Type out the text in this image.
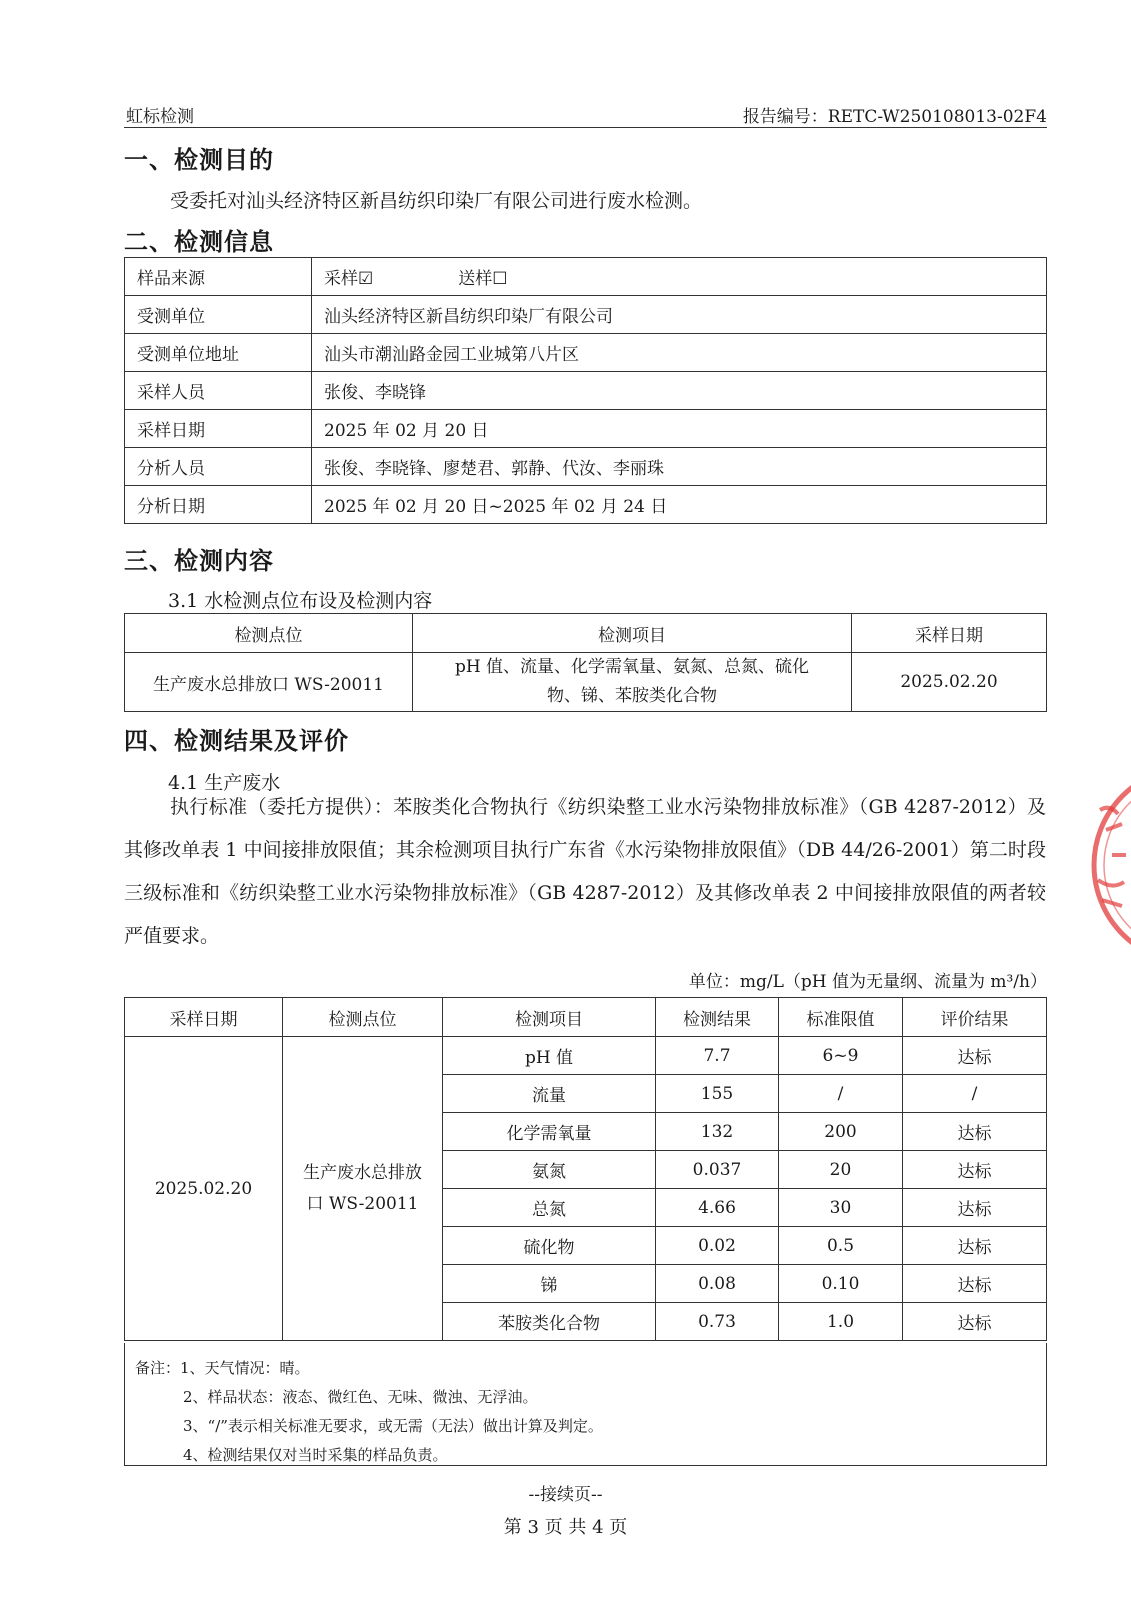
虹标检测	报告编号：RETC-W250108013-02F4
一、检测目的
受委托对汕头经济特区新昌纺织印染厂有限公司进行废水检测。
二、检测信息
样品来源	采样☑　　　　　送样☐
受测单位	汕头经济特区新昌纺织印染厂有限公司
受测单位地址	汕头市潮汕路金园工业城第八片区
采样人员	张俊、李晓锋
采样日期	2025 年 02 月 20 日
分析人员	张俊、李晓锋、廖楚君、郭静、代汝、李丽珠
分析日期	2025 年 02 月 20 日~2025 年 02 月 24 日
三、检测内容
3.1 水检测点位布设及检测内容
检测点位	检测项目	采样日期
生产废水总排放口 WS-20011	pH 值、流量、化学需氧量、氨氮、总氮、硫化
物、锑、苯胺类化合物	2025.02.20
四、检测结果及评价
4.1 生产废水
执行标准（委托方提供）：苯胺类化合物执行《纺织染整工业水污染物排放标准》（GB 4287-2012）及其修改单表 1 中间接排放限值；其余检测项目执行广东省《水污染物排放限值》（DB 44/26-2001）第二时段三级标准和《纺织染整工业水污染物排放标准》（GB 4287-2012）及其修改单表 2 中间接排放限值的两者较严值要求。
单位：mg/L（pH 值为无量纲、流量为 m³/h）
采样日期	检测点位	检测项目	检测结果	标准限值	评价结果
2025.02.20	生产废水总排放
口 WS-20011	pH 值	7.7	6~9	达标
		流量	155	/	/
		化学需氧量	132	200	达标
		氨氮	0.037	20	达标
		总氮	4.66	30	达标
		硫化物	0.02	0.5	达标
		锑	0.08	0.10	达标
		苯胺类化合物	0.73	1.0	达标
备注：1、天气情况：晴。
2、样品状态：液态、微红色、无味、微浊、无浮油。
3、“/”表示相关标准无要求，或无需（无法）做出计算及判定。
4、检测结果仅对当时采集的样品负责。
--接续页--
第 3 页 共 4 页
